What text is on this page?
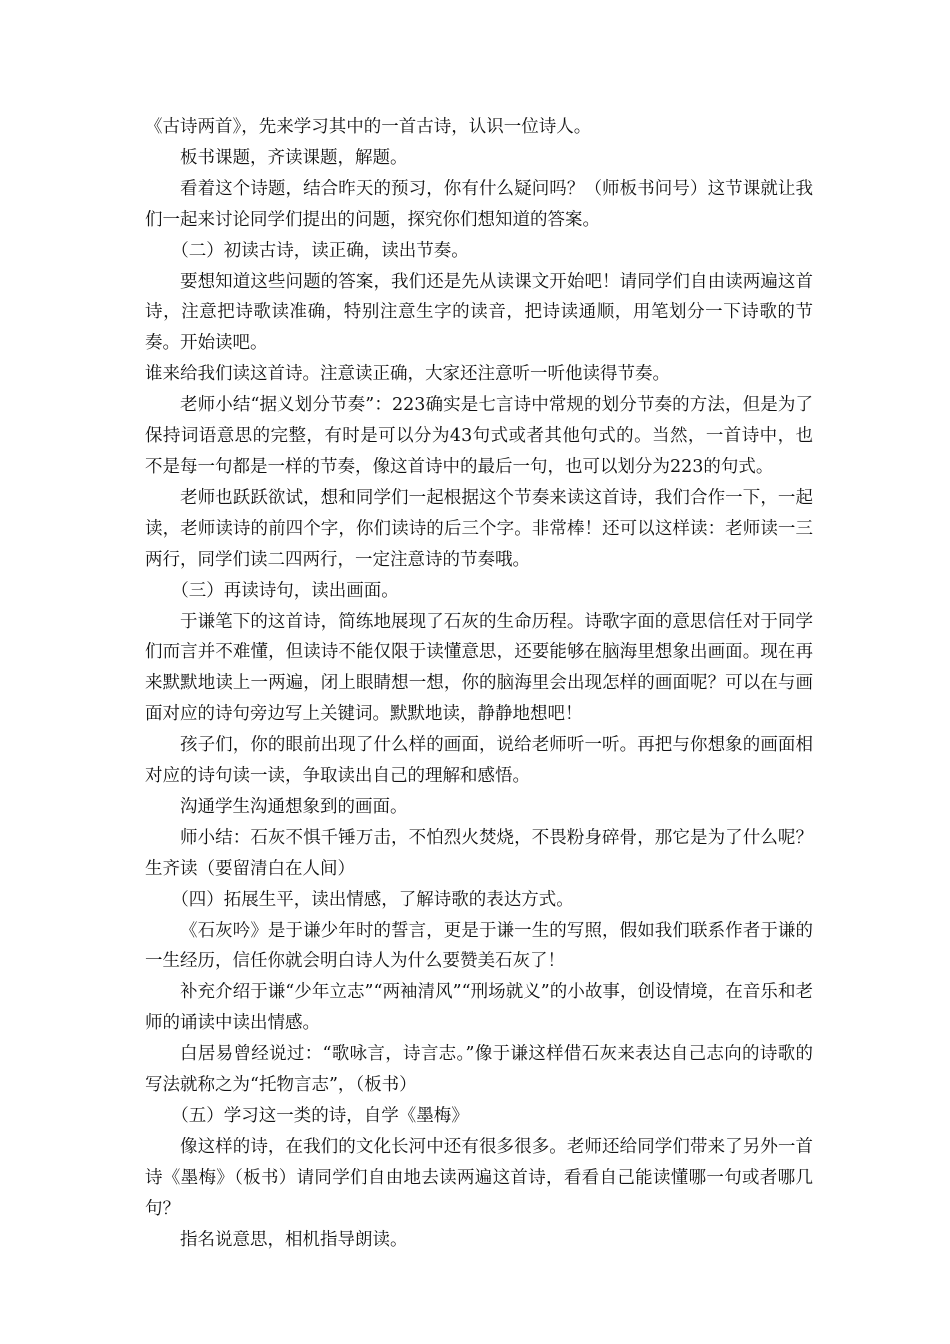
《古诗两首》，先来学习其中的一首古诗，认识一位诗人。

板书课题，齐读课题，解题。

看着这个诗题，结合昨天的预习，你有什么疑问吗？（师板书问号）这节课就让我们一起来讨论同学们提出的问题，探究你们想知道的答案。

（二）初读古诗，读正确，读出节奏。

要想知道这些问题的答案，我们还是先从读课文开始吧！请同学们自由读两遍这首诗，注意把诗歌读准确，特别注意生字的读音，把诗读通顺，用笔划分一下诗歌的节奏。开始读吧。

谁来给我们读这首诗。注意读正确，大家还注意听一听他读得节奏。

老师小结“据义划分节奏”：223确实是七言诗中常规的划分节奏的方法，但是为了保持词语意思的完整，有时是可以分为43句式或者其他句式的。当然，一首诗中，也不是每一句都是一样的节奏，像这首诗中的最后一句，也可以划分为223的句式。

老师也跃跃欲试，想和同学们一起根据这个节奏来读这首诗，我们合作一下，一起读，老师读诗的前四个字，你们读诗的后三个字。非常棒！还可以这样读：老师读一三两行，同学们读二四两行，一定注意诗的节奏哦。

（三）再读诗句，读出画面。

于谦笔下的这首诗，简练地展现了石灰的生命历程。诗歌字面的意思信任对于同学们而言并不难懂，但读诗不能仅限于读懂意思，还要能够在脑海里想象出画面。现在再来默默地读上一两遍，闭上眼睛想一想，你的脑海里会出现怎样的画面呢？可以在与画面对应的诗句旁边写上关键词。默默地读，静静地想吧！

孩子们，你的眼前出现了什么样的画面，说给老师听一听。再把与你想象的画面相对应的诗句读一读，争取读出自己的理解和感悟。

沟通学生沟通想象到的画面。

师小结：石灰不惧千锤万击，不怕烈火焚烧，不畏粉身碎骨，那它是为了什么呢？生齐读（要留清白在人间）

（四）拓展生平，读出情感，了解诗歌的表达方式。

《石灰吟》是于谦少年时的誓言，更是于谦一生的写照，假如我们联系作者于谦的一生经历，信任你就会明白诗人为什么要赞美石灰了！

补充介绍于谦“少年立志”“两袖清风”“刑场就义”的小故事，创设情境，在音乐和老师的诵读中读出情感。

白居易曾经说过：“歌咏言，诗言志。”像于谦这样借石灰来表达自己志向的诗歌的写法就称之为“托物言志”，（板书）

（五）学习这一类的诗，自学《墨梅》

像这样的诗，在我们的文化长河中还有很多很多。老师还给同学们带来了另外一首诗《墨梅》（板书）请同学们自由地去读两遍这首诗，看看自己能读懂哪一句或者哪几句？

指名说意思，相机指导朗读。
